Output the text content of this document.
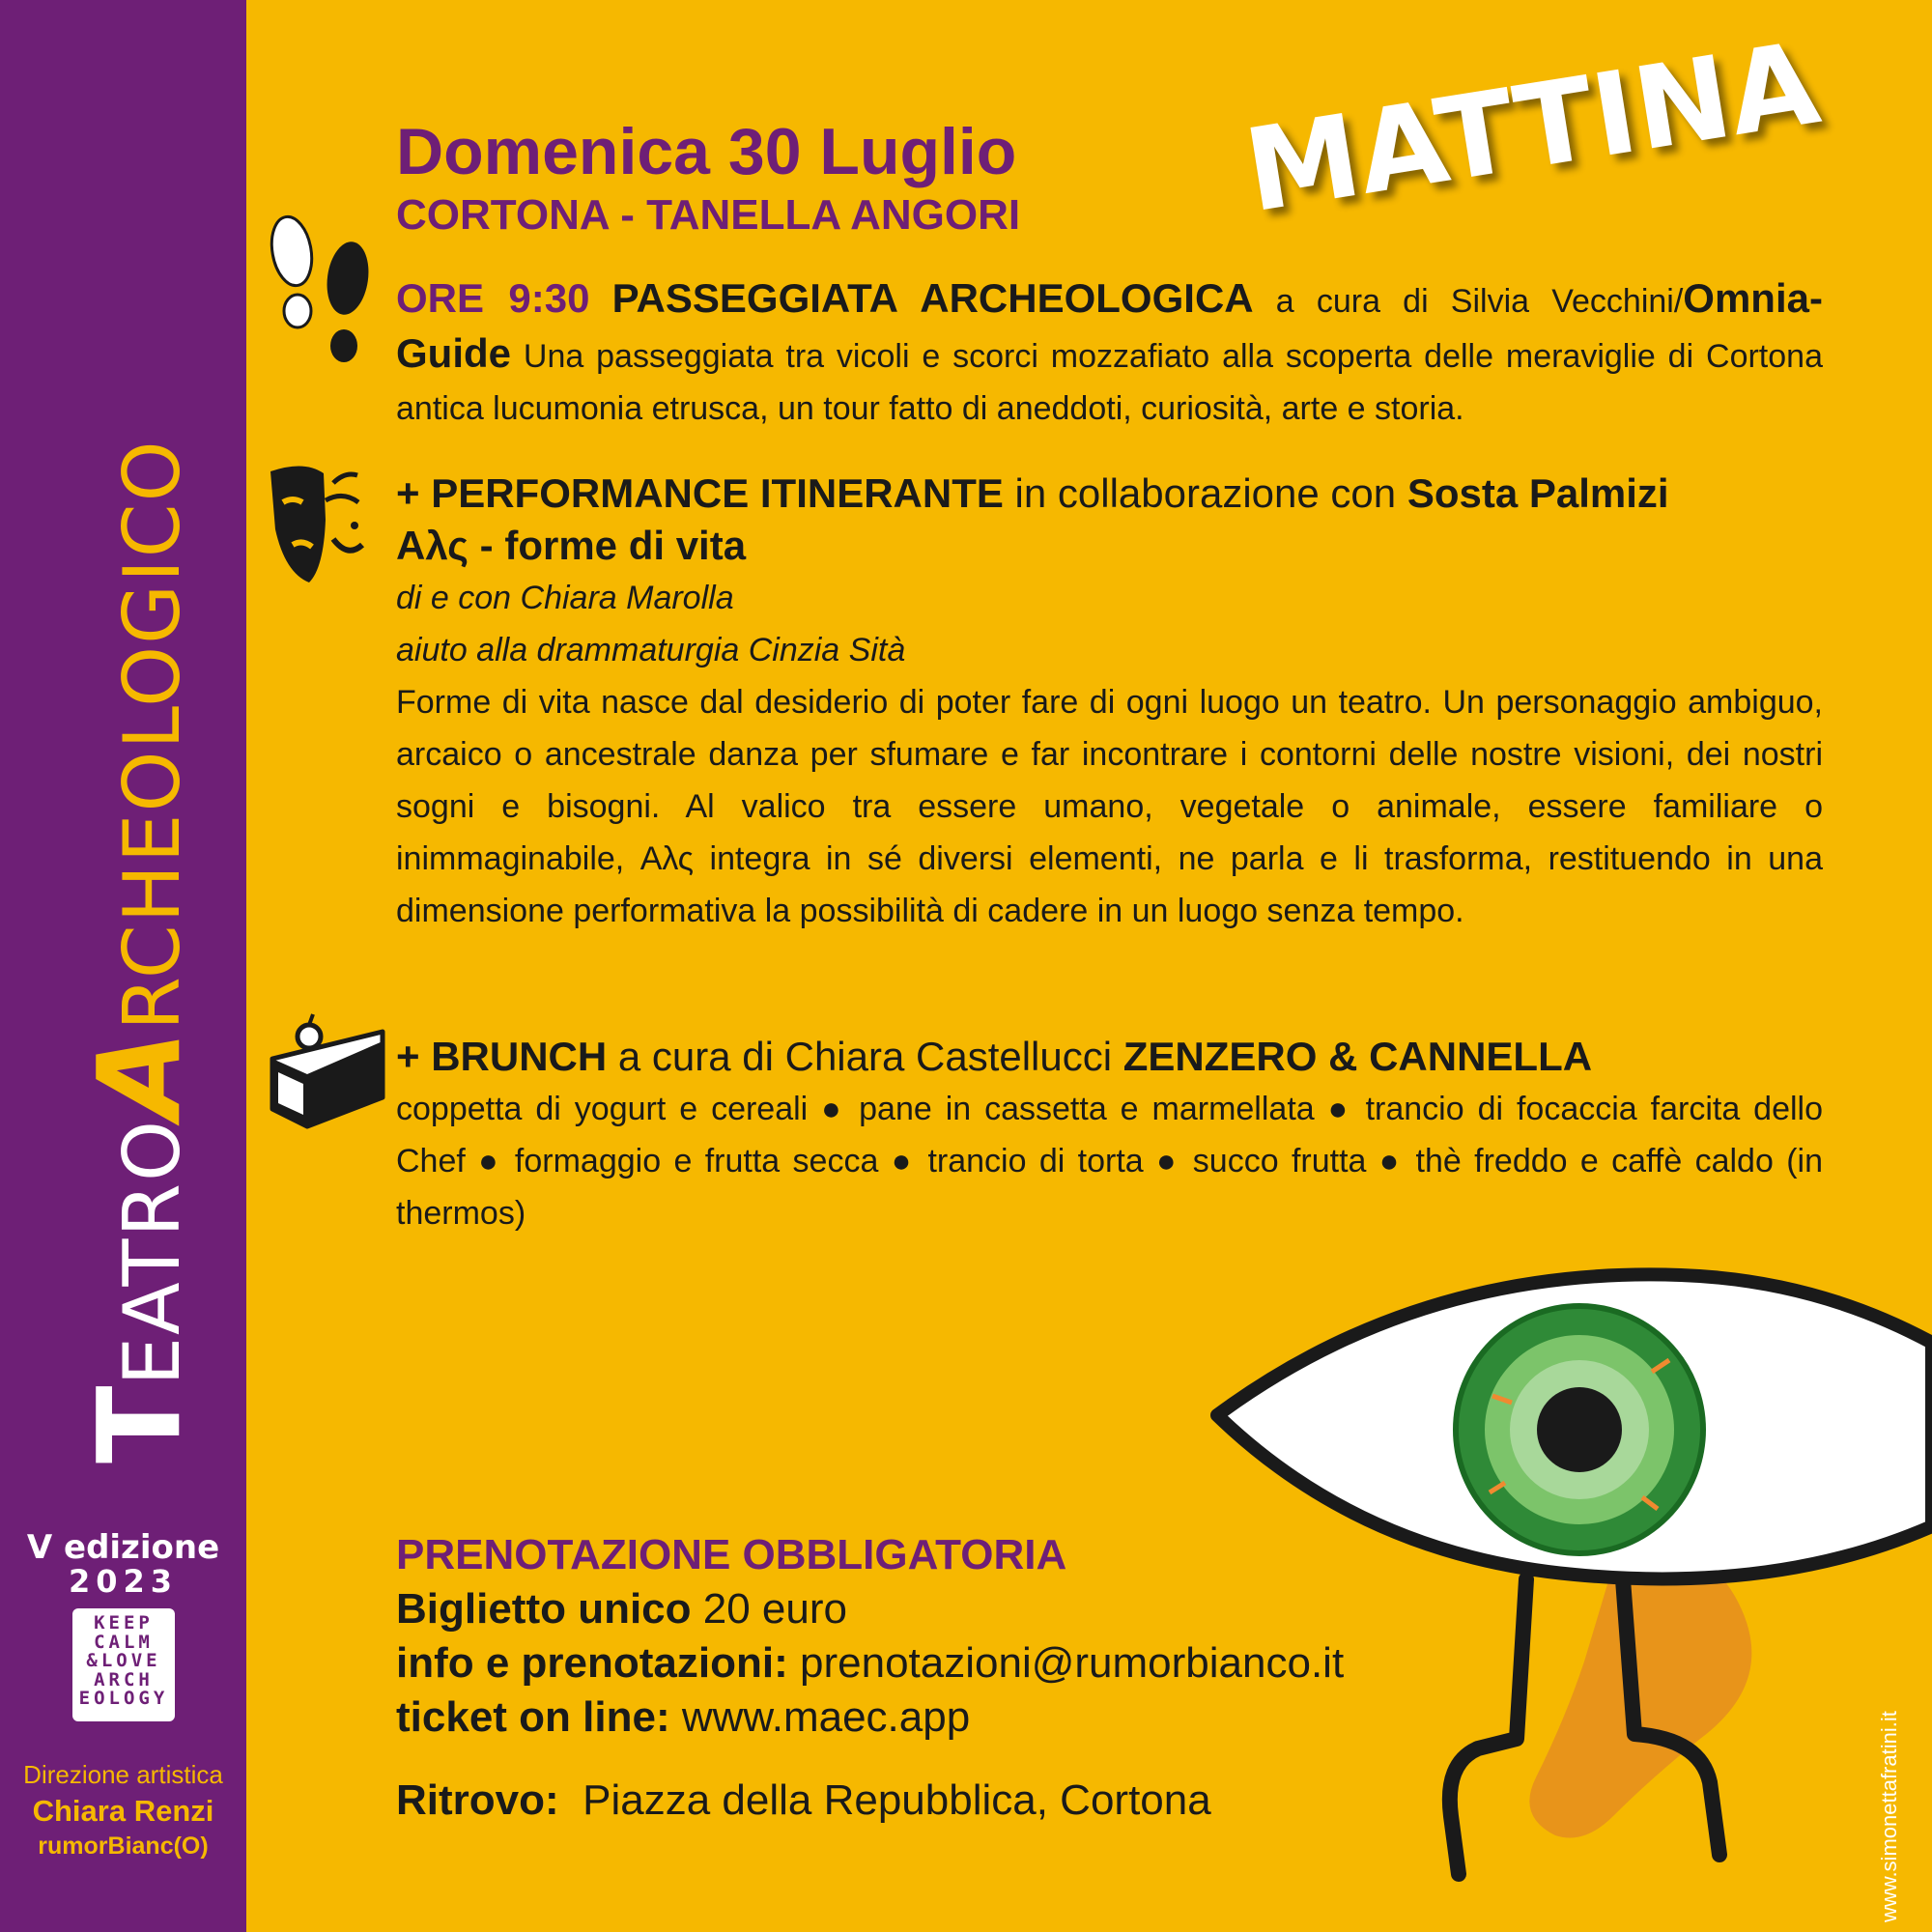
TEATROARCHEOLOGICO
V edizione
2023
KEEP
CALM
&LOVE
ARCH
EOLOGY
Direzione artistica
Chiara Renzi
rumorBianc(O)
Domenica 30 Luglio
CORTONA - TANELLA ANGORI MATTINA

ORE 9:30 PASSEGGIATA ARCHEOLOGICA a cura di Silvia Vecchini/Omnia-Guide Una passeggiata tra vicoli e scorci mozzafiato alla scoperta delle meraviglie di Cortona antica lucumonia etrusca, un tour fatto di aneddoti, curiosità, arte e storia.

+ PERFORMANCE ITINERANTE in collaborazione con Sosta Palmizi

Αλς - forme di vita

di e con Chiara Marolla

aiuto alla drammaturgia Cinzia Sità

Forme di vita nasce dal desiderio di poter fare di ogni luogo un teatro. Un personaggio ambiguo, arcaico o ancestrale danza per sfumare e far incontrare i contorni delle nostre visioni, dei nostri sogni e bisogni. Al valico tra essere umano, vegetale o animale, essere familiare o inimmaginabile, Αλς integra in sé diversi elementi, ne parla e li trasforma, restituendo in una dimensione performativa la possibilità di cadere in un luogo senza tempo.

+ BRUNCH a cura di Chiara Castellucci ZENZERO & CANNELLA

coppetta di yogurt e cereali ● pane in cassetta e marmellata ● trancio di focaccia farcita dello Chef ● formaggio e frutta secca ● trancio di torta ● succo frutta ● thè freddo e caffè caldo (in thermos)

PRENOTAZIONE OBBLIGATORIA
Biglietto unico 20 euro
info e prenotazioni: prenotazioni@rumorbianco.it
ticket on line: www.maec.app
Ritrovo: Piazza della Repubblica, Cortona	www.simonettafratini.it
